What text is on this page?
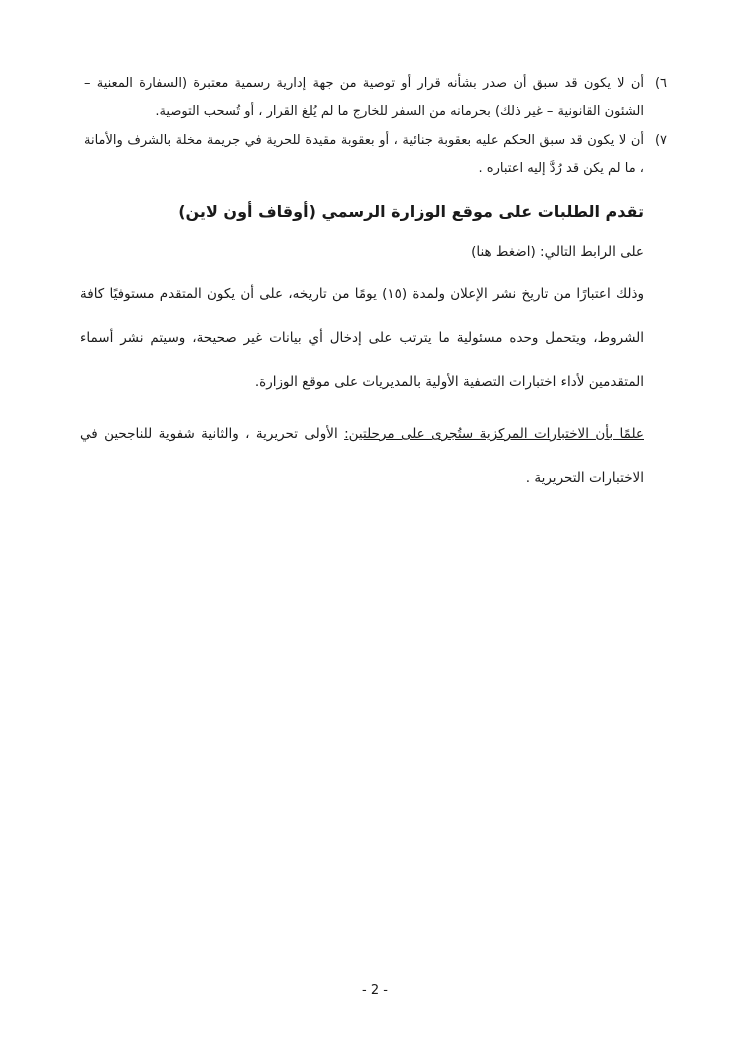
٦)
أن لا يكون قد سبق أن صدر بشأنه قرار أو توصية من جهة إدارية رسمية معتبرة (السفارة المعنية – الشئون القانونية – غير ذلك) بحرمانه من السفر للخارج ما لم يُلغ القرار ، أو تُسحب التوصية.

٧)
أن لا يكون قد سبق الحكم عليه بعقوبة جنائية ، أو بعقوبة مقيدة للحرية في جريمة مخلة بالشرف والأمانة ، ما لم يكن قد رُدَّ إليه اعتباره .

تقدم الطلبات على موقع الوزارة الرسمي (أوقاف أون لاين)

على الرابط التالي: (اضغط هنا)

وذلك اعتبارًا من تاريخ نشر الإعلان ولمدة (١٥) يومًا من تاريخه، على أن يكون المتقدم مستوفيًا كافة الشروط، ويتحمل وحده مسئولية ما يترتب على إدخال أي بيانات غير صحيحة، وسيتم نشر أسماء المتقدمين لأداء اختبارات التصفية الأولية بالمديريات على موقع الوزارة.

علمًا بأن الاختبارات المركزية ستُجرى على مرحلتين: الأولى تحريرية ، والثانية شفوية للناجحين في الاختبارات التحريرية .

- 2 -
